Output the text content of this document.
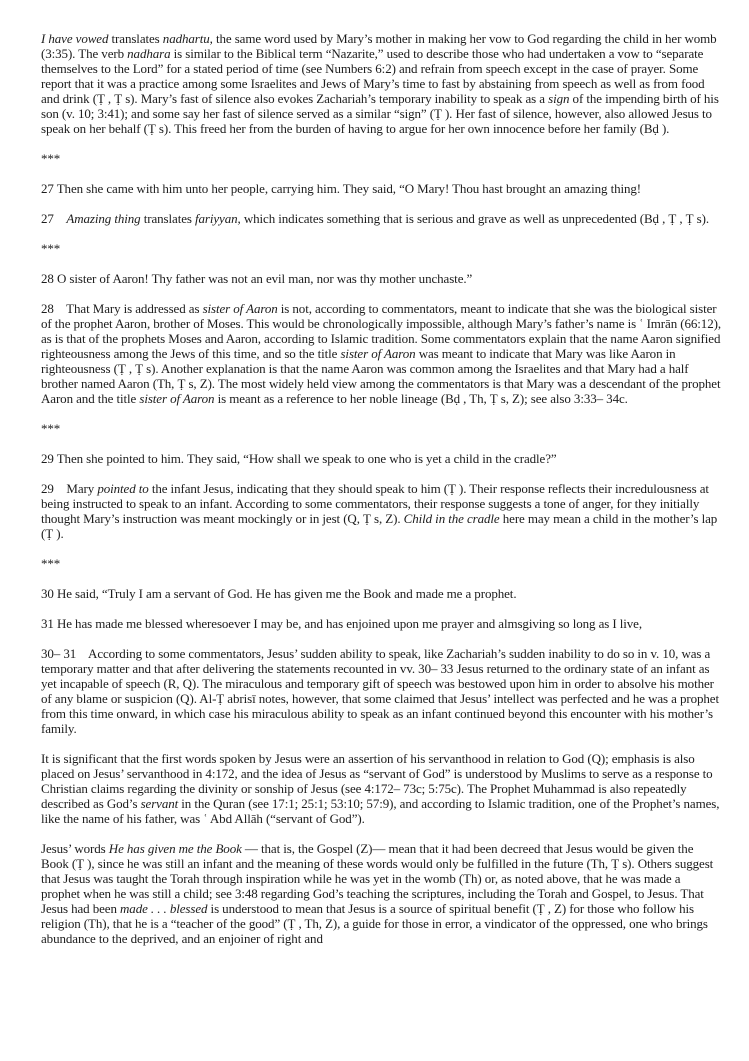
I have vowed translates nadhartu, the same word used by Mary’s mother in making her vow to God regarding the child in her womb (3:35). The verb nadhara is similar to the Biblical term “Nazarite,” used to describe those who had undertaken a vow to “separate themselves to the Lord” for a stated period of time (see Numbers 6:2) and refrain from speech except in the case of prayer. Some report that it was a practice among some Israelites and Jews of Mary’s time to fast by abstaining from speech as well as from food and drink (Ṭ , Ṭ s). Mary’s fast of silence also evokes Zachariah’s temporary inability to speak as a sign of the impending birth of his son (v. 10; 3:41); and some say her fast of silence served as a similar “sign” (Ṭ ). Her fast of silence, however, also allowed Jesus to speak on her behalf (Ṭ s). This freed her from the burden of having to argue for her own innocence before her family (Bḍ ).

***

27 Then she came with him unto her people, carrying him. They said, “O Mary! Thou hast brought an amazing thing!

27    Amazing thing translates fariyyan, which indicates something that is serious and grave as well as unprecedented (Bḍ , Ṭ , Ṭ s).

***

28 O sister of Aaron! Thy father was not an evil man, nor was thy mother unchaste.”

28    That Mary is addressed as sister of Aaron is not, according to commentators, meant to indicate that she was the biological sister of the prophet Aaron, brother of Moses. This would be chronologically impossible, although Mary’s father’s name is ʿ Imrān (66:12), as is that of the prophets Moses and Aaron, according to Islamic tradition. Some commentators explain that the name Aaron signified righteousness among the Jews of this time, and so the title sister of Aaron was meant to indicate that Mary was like Aaron in righteousness (Ṭ , Ṭ s). Another explanation is that the name Aaron was common among the Israelites and that Mary had a half brother named Aaron (Th, Ṭ s, Z). The most widely held view among the commentators is that Mary was a descendant of the prophet Aaron and the title sister of Aaron is meant as a reference to her noble lineage (Bḍ , Th, Ṭ s, Z); see also 3:33– 34c.

***

29 Then she pointed to him. They said, “How shall we speak to one who is yet a child in the cradle?”

29    Mary pointed to the infant Jesus, indicating that they should speak to him (Ṭ ). Their response reflects their incredulousness at being instructed to speak to an infant. According to some commentators, their response suggests a tone of anger, for they initially thought Mary’s instruction was meant mockingly or in jest (Q, Ṭ s, Z). Child in the cradle here may mean a child in the mother’s lap (Ṭ ).

***

30 He said, “Truly I am a servant of God. He has given me the Book and made me a prophet.

31 He has made me blessed wheresoever I may be, and has enjoined upon me prayer and almsgiving so long as I live,

30– 31    According to some commentators, Jesus’ sudden ability to speak, like Zachariah’s sudden inability to do so in v. 10, was a temporary matter and that after delivering the statements recounted in vv. 30– 33 Jesus returned to the ordinary state of an infant as yet incapable of speech (R, Q). The miraculous and temporary gift of speech was bestowed upon him in order to absolve his mother of any blame or suspicion (Q). Al-Ṭ abrisī notes, however, that some claimed that Jesus’ intellect was perfected and he was a prophet from this time onward, in which case his miraculous ability to speak as an infant continued beyond this encounter with his mother’s family.

It is significant that the first words spoken by Jesus were an assertion of his servanthood in relation to God (Q); emphasis is also placed on Jesus’ servanthood in 4:172, and the idea of Jesus as “servant of God” is understood by Muslims to serve as a response to Christian claims regarding the divinity or sonship of Jesus (see 4:172– 73c; 5:75c). The Prophet Muhammad is also repeatedly described as God’s servant in the Quran (see 17:1; 25:1; 53:10; 57:9), and according to Islamic tradition, one of the Prophet’s names, like the name of his father, was ʿ Abd Allāh (“servant of God”).

Jesus’ words He has given me the Book — that is, the Gospel (Z)— mean that it had been decreed that Jesus would be given the Book (Ṭ ), since he was still an infant and the meaning of these words would only be fulfilled in the future (Th, Ṭ s). Others suggest that Jesus was taught the Torah through inspiration while he was yet in the womb (Th) or, as noted above, that he was made a prophet when he was still a child; see 3:48 regarding God’s teaching the scriptures, including the Torah and Gospel, to Jesus. That Jesus had been made . . . blessed is understood to mean that Jesus is a source of spiritual benefit (Ṭ , Z) for those who follow his religion (Th), that he is a “teacher of the good” (Ṭ , Th, Z), a guide for those in error, a vindicator of the oppressed, one who brings abundance to the deprived, and an enjoiner of right and
